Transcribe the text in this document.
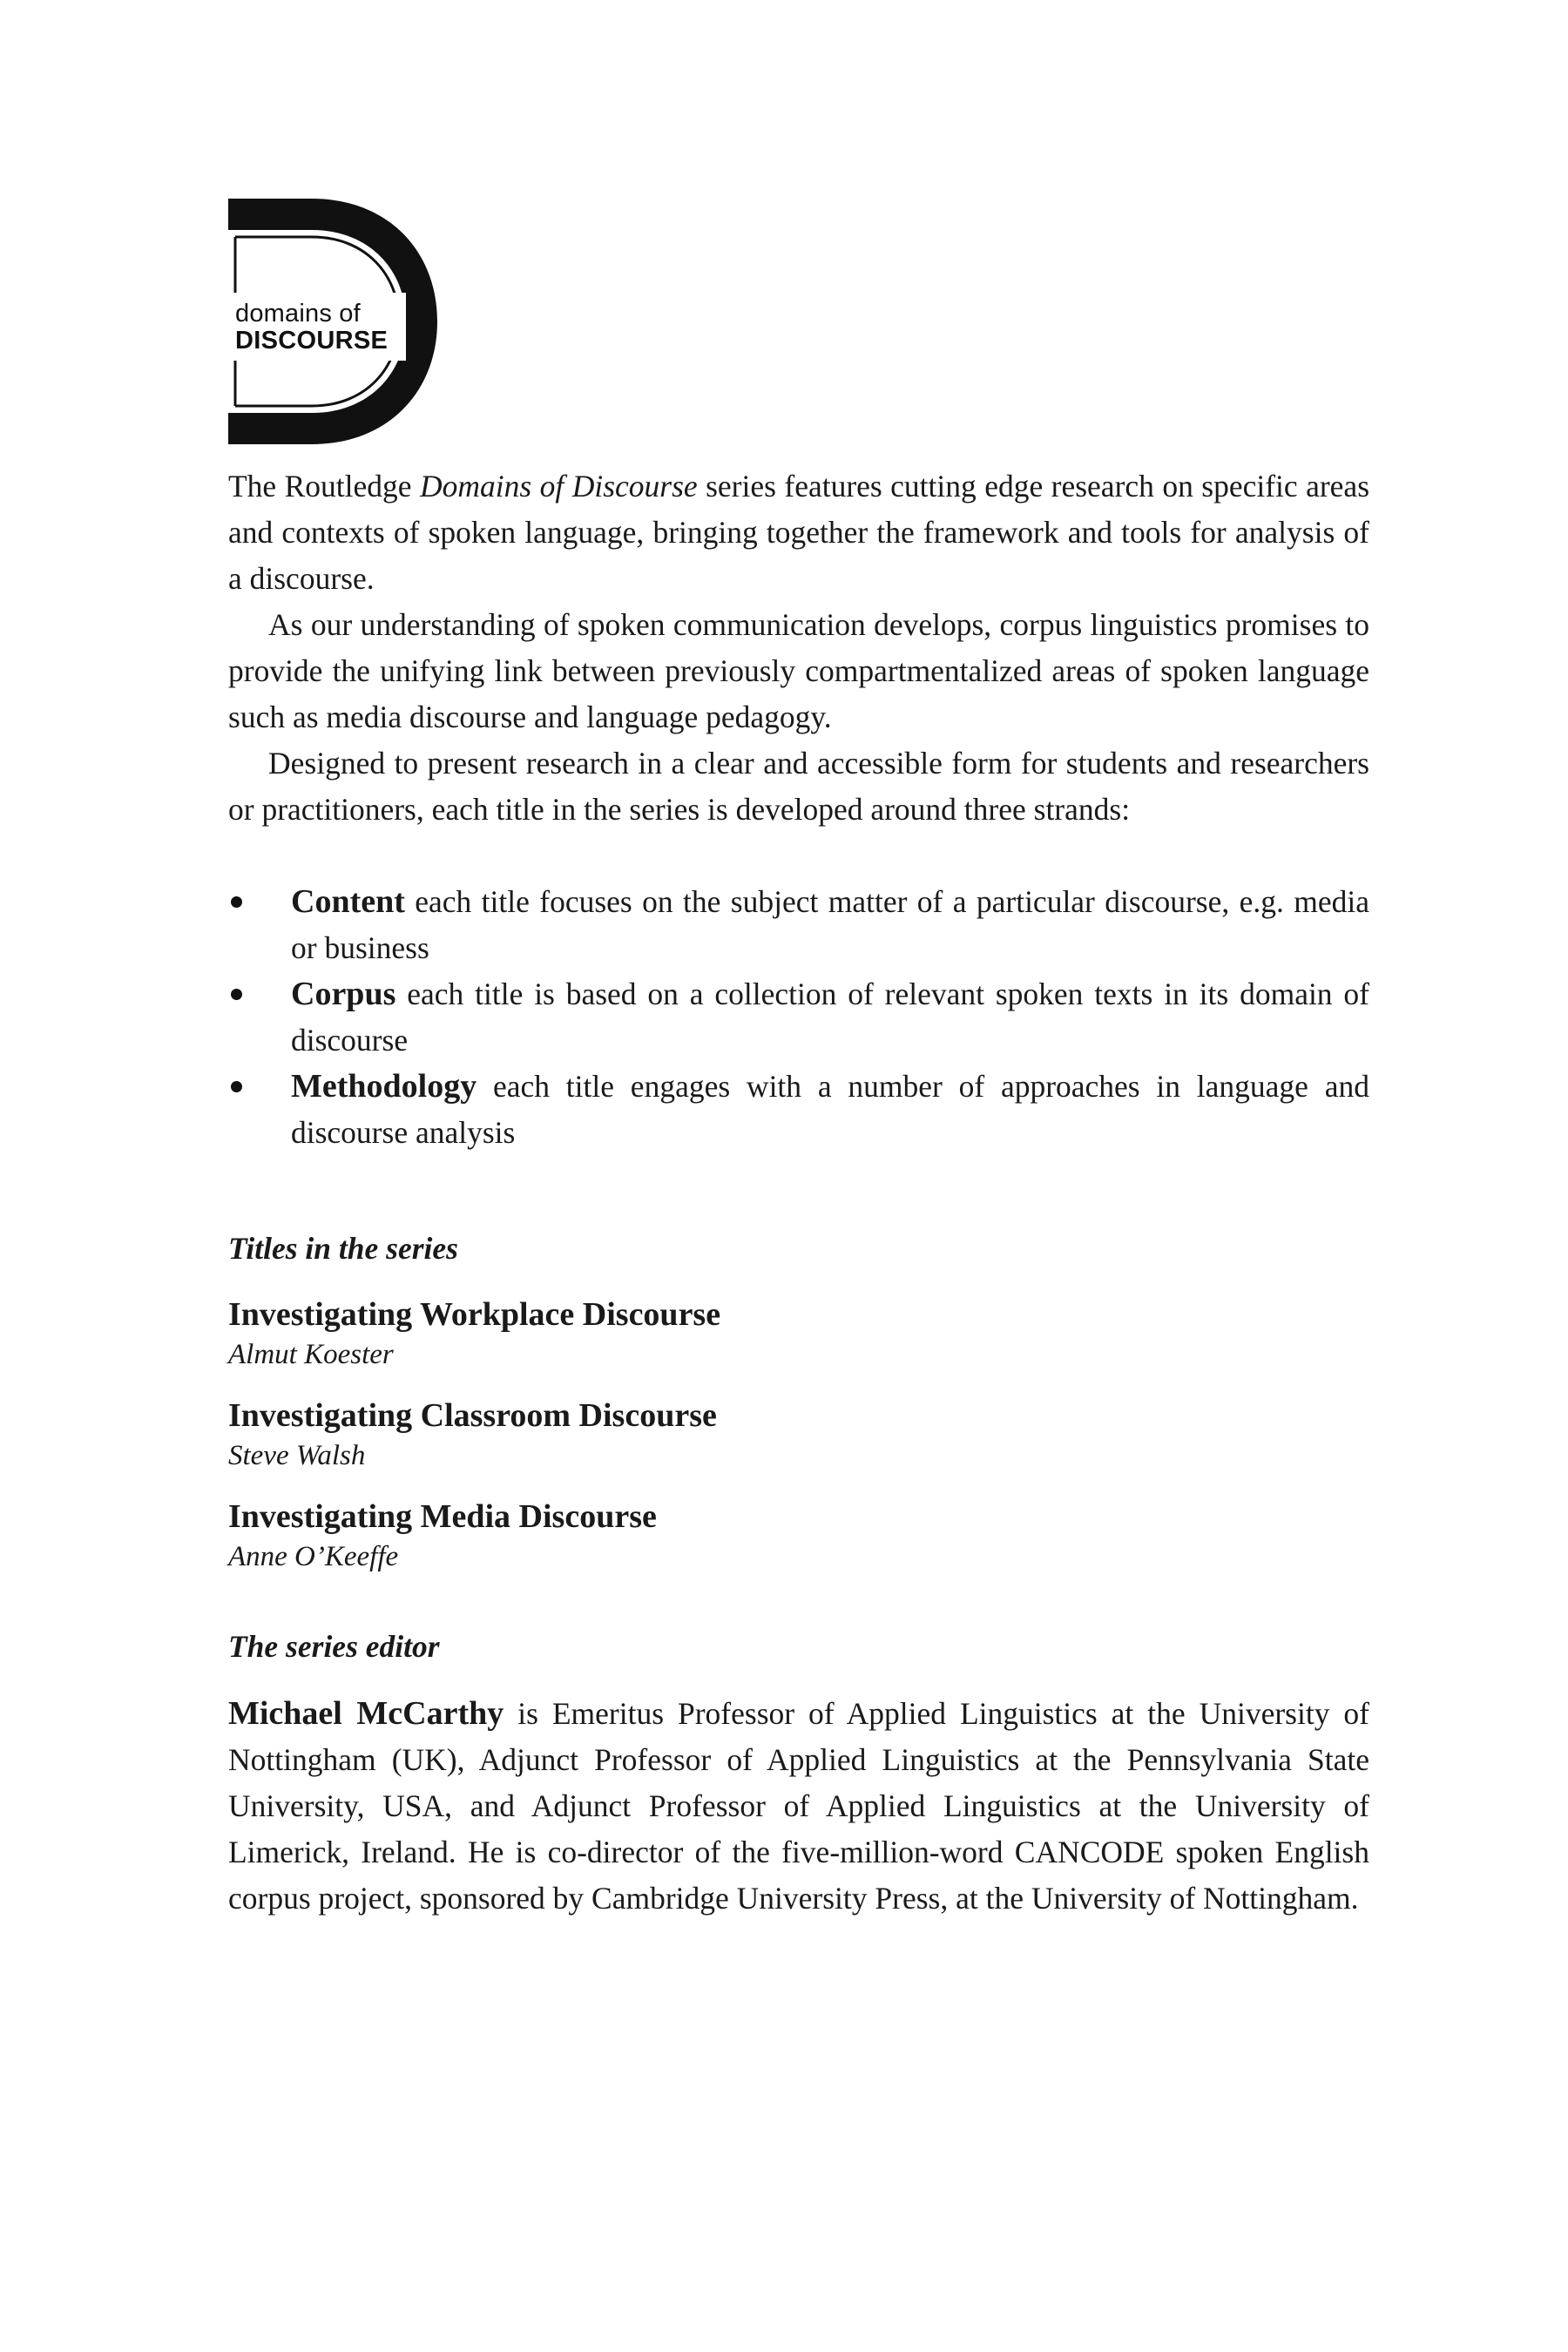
domains of
DISCOURSE

The Routledge Domains of Discourse series features cutting edge research on specific areas and contexts of spoken language, bringing together the framework and tools for analysis of a discourse.

As our understanding of spoken communication develops, corpus linguistics promises to provide the unifying link between previously compartmentalized areas of spoken language such as media discourse and language pedagogy.

Designed to present research in a clear and accessible form for students and researchers or practitioners, each title in the series is developed around three strands:

Content each title focuses on the subject matter of a particular discourse, e.g. media or business
Corpus each title is based on a collection of relevant spoken texts in its domain of discourse
Methodology each title engages with a number of approaches in language and discourse analysis

Titles in the series

Investigating Workplace Discourse
Almut Koester
Investigating Classroom Discourse
Steve Walsh
Investigating Media Discourse
Anne O’Keeffe

The series editor

Michael McCarthy is Emeritus Professor of Applied Linguistics at the University of Nottingham (UK), Adjunct Professor of Applied Linguistics at the Pennsylvania State University, USA, and Adjunct Professor of Applied Linguistics at the University of Limerick, Ireland. He is co-director of the five-million-word CANCODE spoken English corpus project, sponsored by Cambridge University Press, at the University of Nottingham.
